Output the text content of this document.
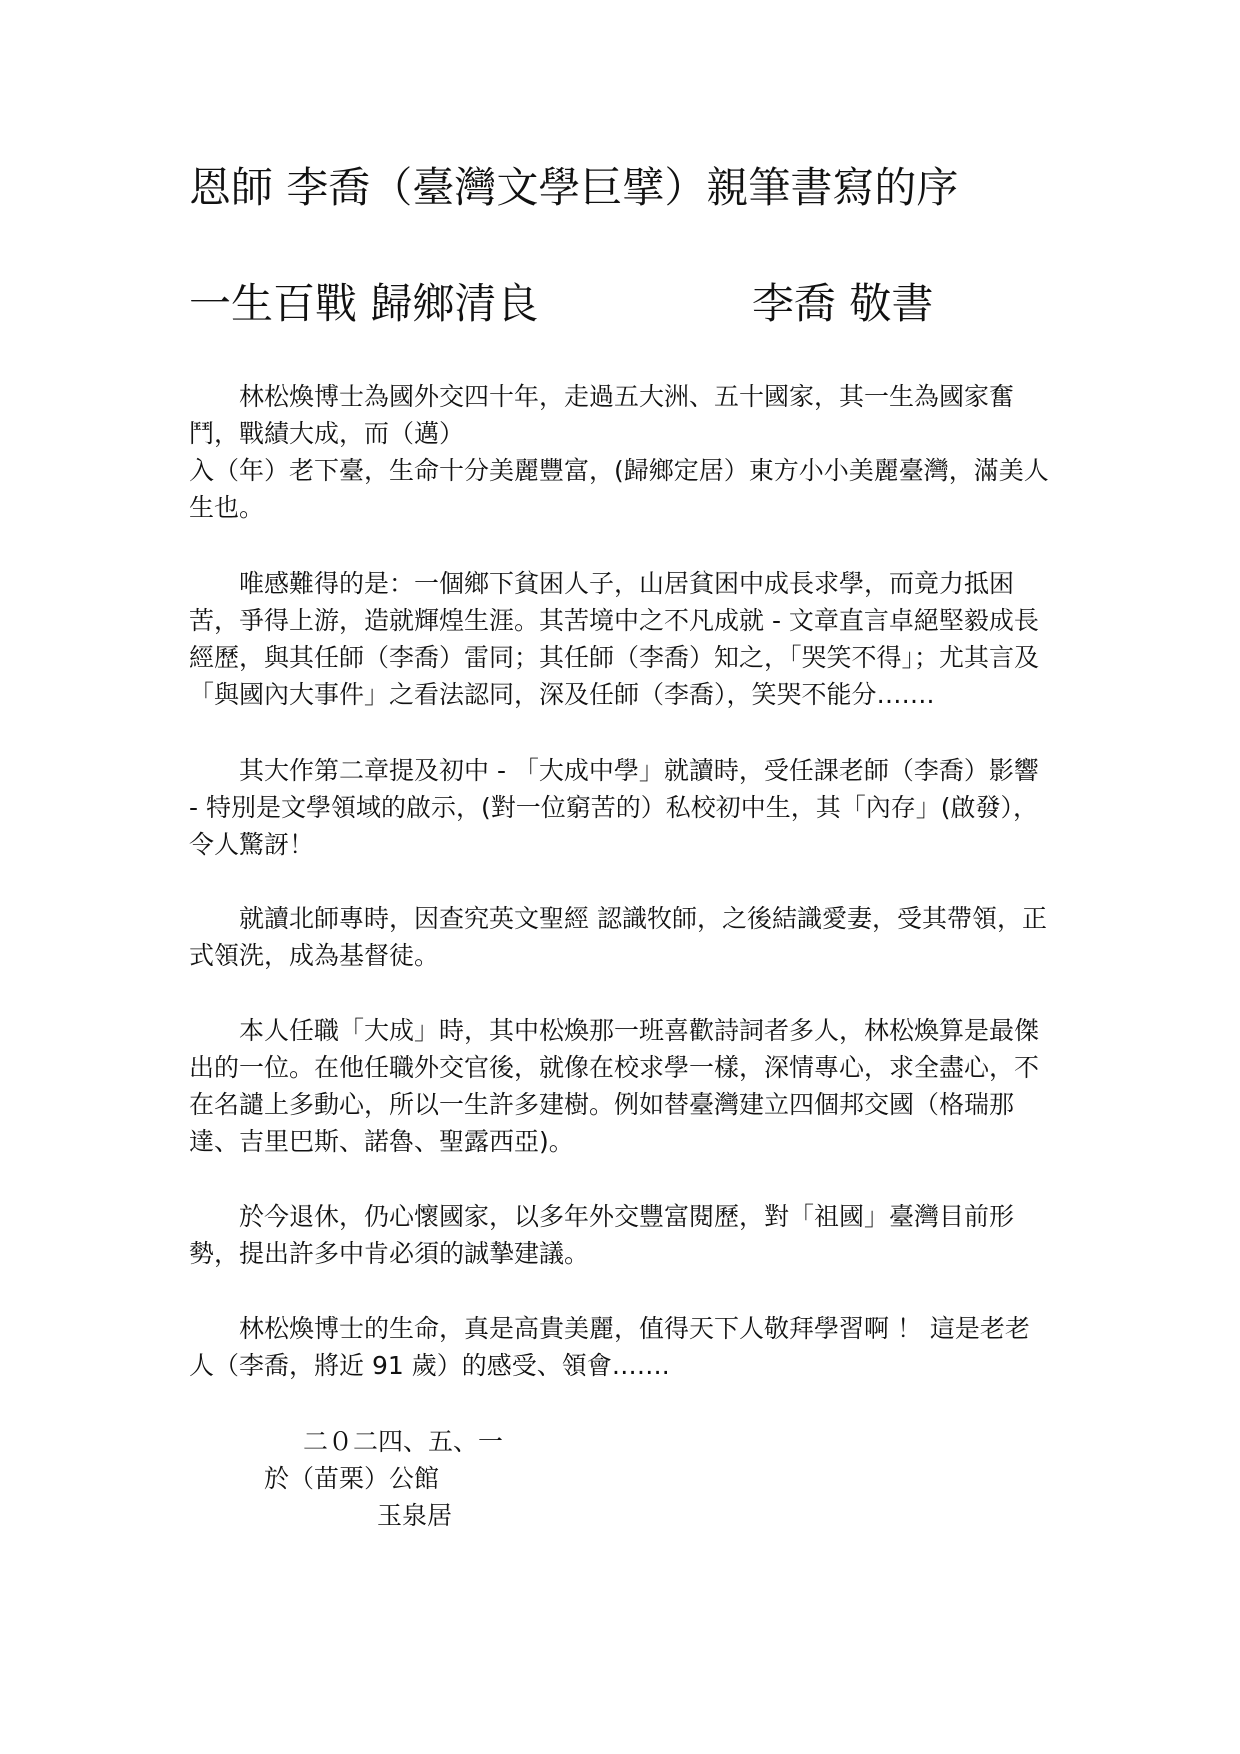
恩師 李喬（臺灣文學巨擘）親筆書寫的序
一生百戰 歸鄉清良	李喬 敬書
　　林松煥博士為國外交四十年，走過五大洲、五十國家，其一生為國家奮
鬥，戰績大成，而（邁）
入（年）老下臺，生命十分美麗豐富，(歸鄉定居）東方小小美麗臺灣，滿美人
生也。
　　唯感難得的是：一個鄉下貧困人子，山居貧困中成長求學，而竟力抵困
苦，爭得上游，造就輝煌生涯。其苦境中之不凡成就 - 文章直言卓絕堅毅成長
經歷，與其任師（李喬）雷同；其任師（李喬）知之，「哭笑不得」；尤其言及
「與國內大事件」之看法認同，深及任師（李喬），笑哭不能分…….
　　其大作第二章提及初中 - 「大成中學」就讀時，受任課老師（李喬）影響
- 特別是文學領域的啟示，(對一位窮苦的）私校初中生，其「內存」(啟發），
令人驚訝！
　　就讀北師專時，因查究英文聖經 認識牧師，之後結識愛妻，受其帶領，正
式領洗，成為基督徒。
　　本人任職「大成」時，其中松煥那一班喜歡詩詞者多人，林松煥算是最傑
出的一位。在他任職外交官後，就像在校求學一樣，深情專心，求全盡心，不
在名譴上多動心，所以一生許多建樹。例如替臺灣建立四個邦交國（格瑞那
達、吉里巴斯、諾魯、聖露西亞)。
　　於今退休，仍心懷國家，以多年外交豐富閱歷，對「祖國」臺灣目前形
勢，提出許多中肯必須的誠摯建議。
　　林松煥博士的生命，真是高貴美麗，值得天下人敬拜學習啊 ！ 這是老老
人（李喬，將近 91 歲）的感受、領會…….
二０二四、五、一
於（苗栗）公館
玉泉居
